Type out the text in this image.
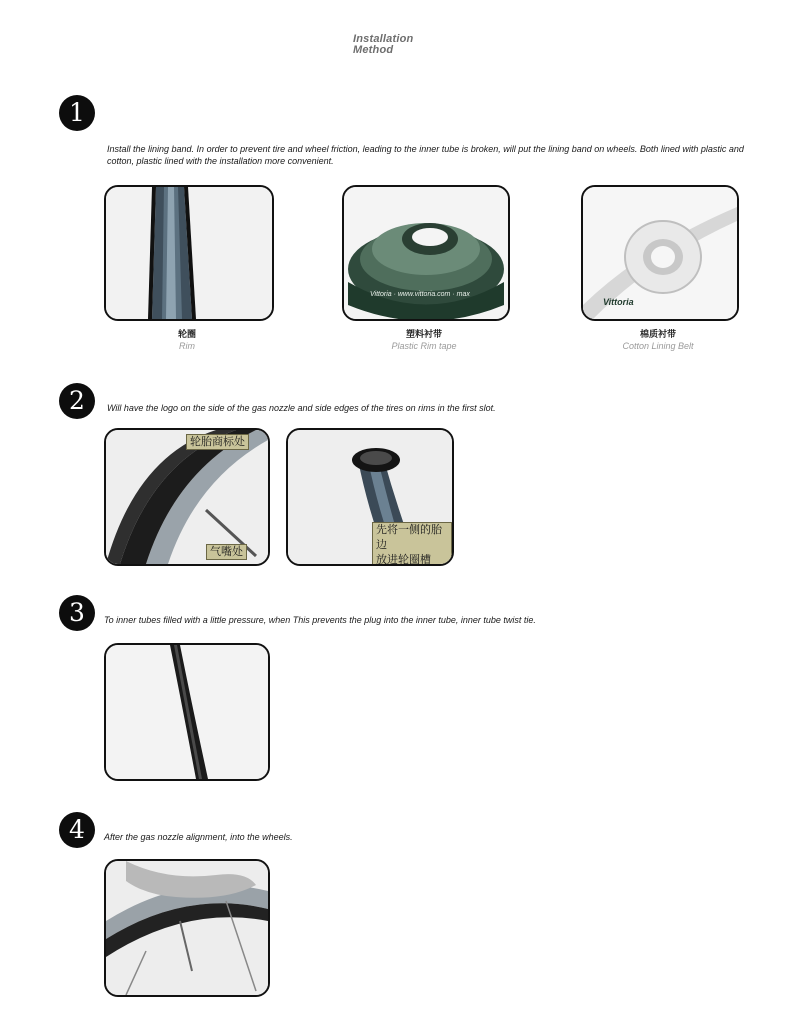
Installation
Method
1
Install the lining band. In order to prevent tire and wheel friction, leading to the inner tube is broken, will put the lining band on wheels. Both lined with plastic and cotton, plastic lined with the installation more convenient.
轮圈
Rim
Vittoria · www.vittoria.com · max
塑料衬带
Plastic Rim tape
Vittoria
棉质衬带
Cotton Lining Belt
2	Will have the logo on the side of the gas nozzle and side edges of the tires on rims in the first slot.
轮胎商标处
气嘴处
先将一侧的胎边
放进轮圈槽
3	To inner tubes filled with a little pressure, when This prevents the plug into the inner tube, inner tube twist tie.
4	After the gas nozzle alignment, into the wheels.
